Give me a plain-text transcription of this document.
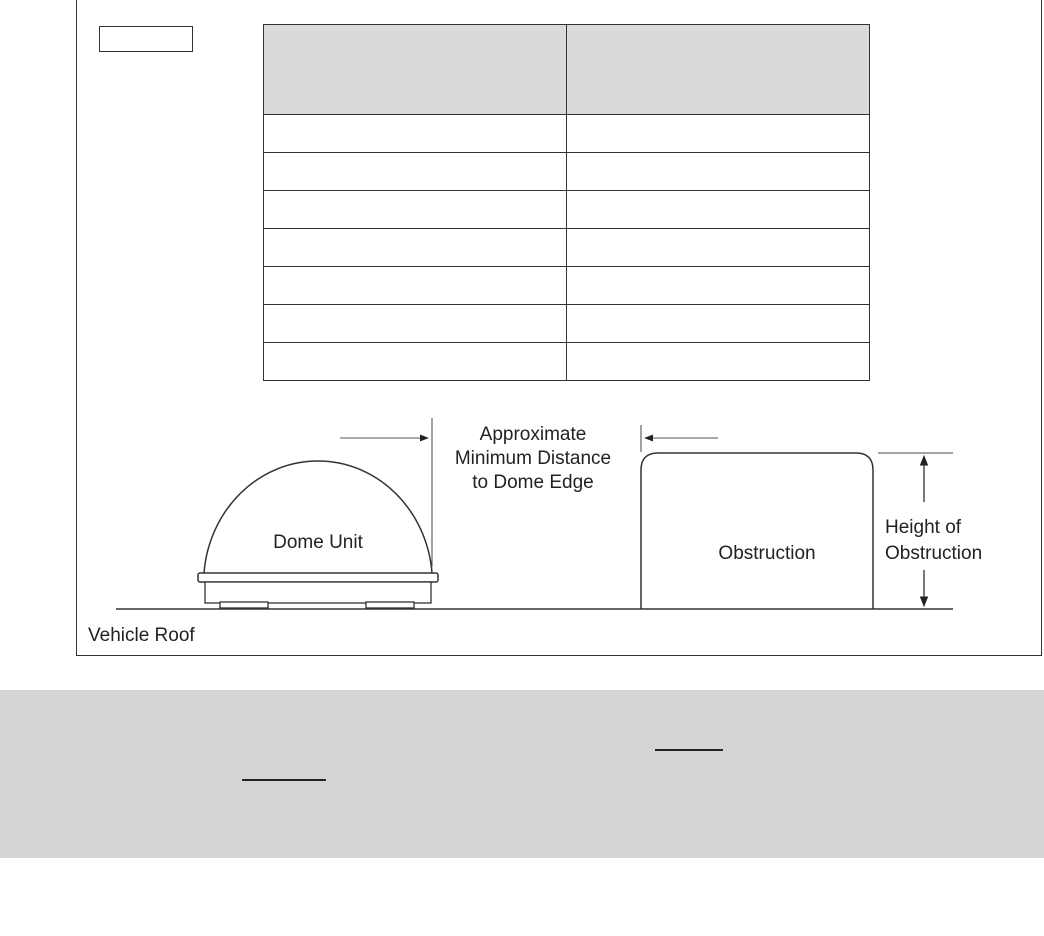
Dome Unit
Approximate
Minimum Distance
to Dome Edge
Obstruction
Height of
Obstruction
Vehicle Roof
